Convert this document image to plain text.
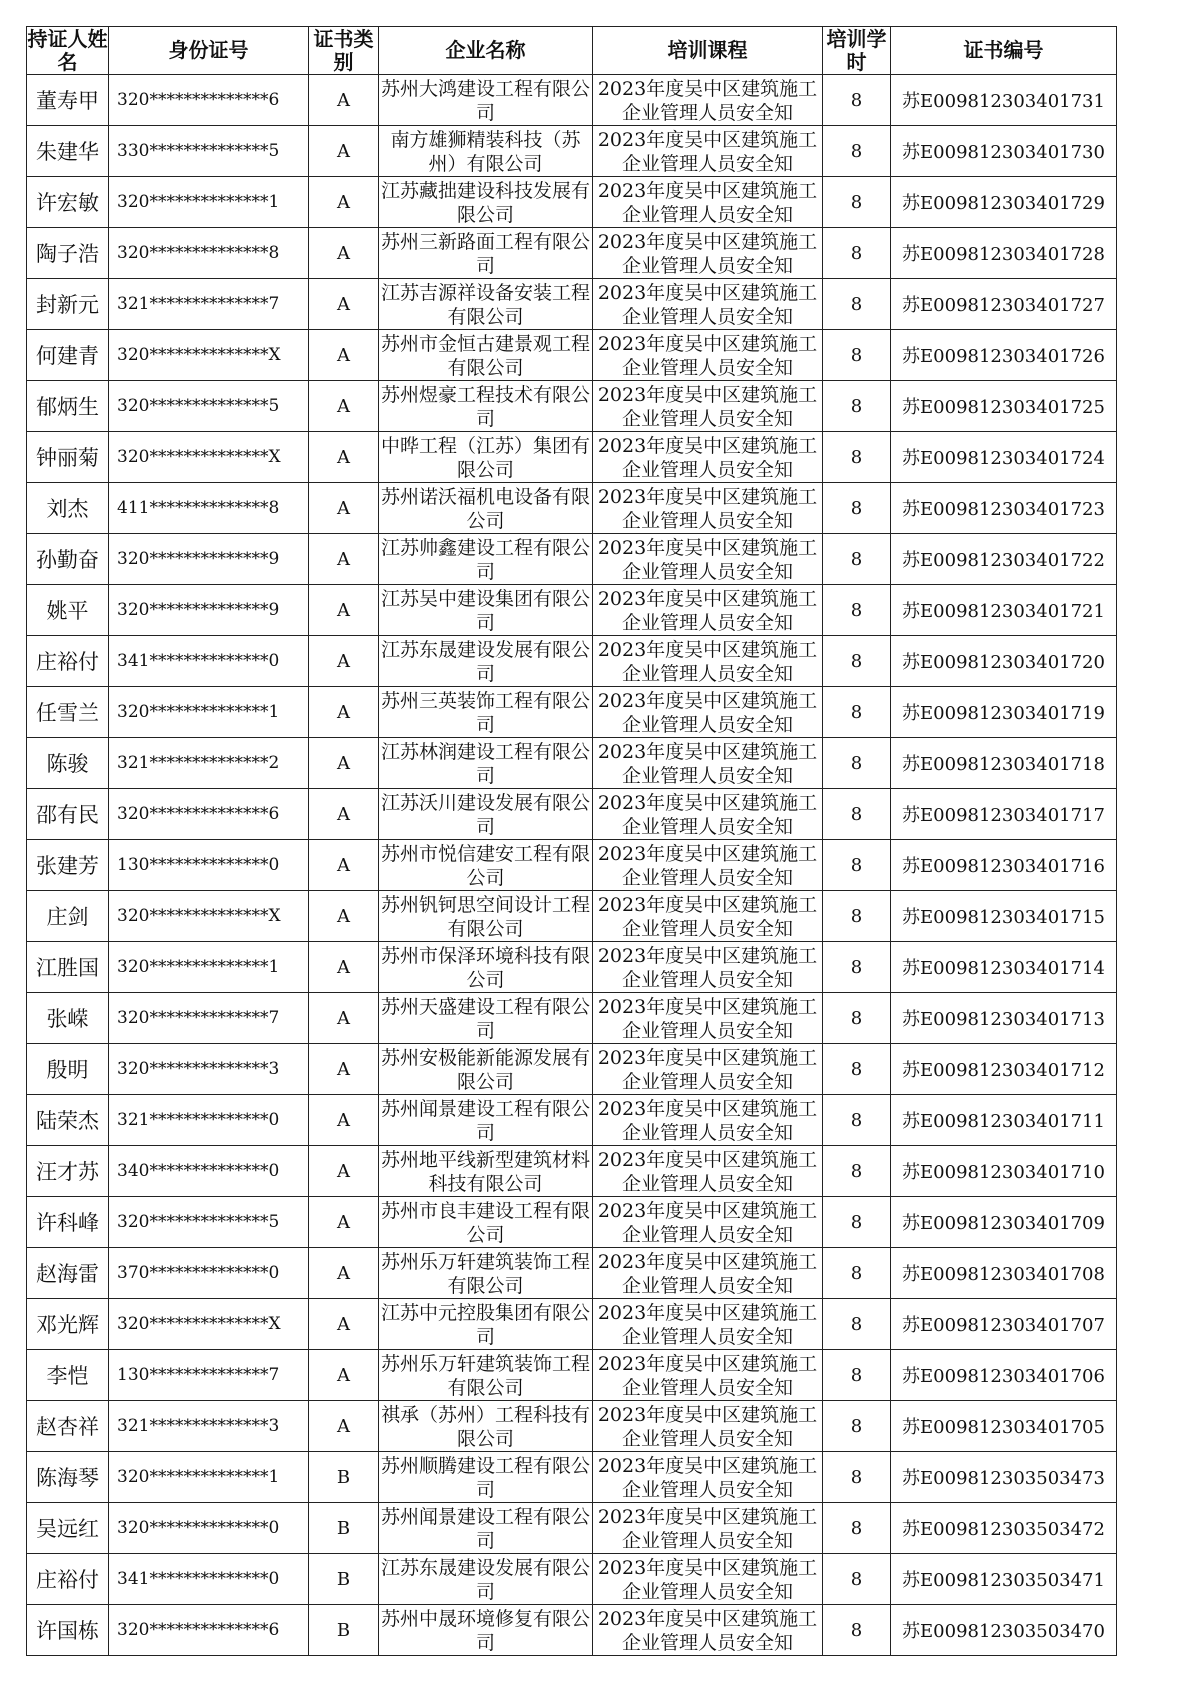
持证人姓名	身份证号	证书类别	企业名称	培训课程	培训学时	证书编号
董寿甲	320**************6	A	苏州大鸿建设工程有限公司	2023年度吴中区建筑施工企业管理人员安全知	8	苏E009812303401731
朱建华	330**************5	A	南方雄狮精装科技（苏州）有限公司	2023年度吴中区建筑施工企业管理人员安全知	8	苏E009812303401730
许宏敏	320**************1	A	江苏藏拙建设科技发展有限公司	2023年度吴中区建筑施工企业管理人员安全知	8	苏E009812303401729
陶子浩	320**************8	A	苏州三新路面工程有限公司	2023年度吴中区建筑施工企业管理人员安全知	8	苏E009812303401728
封新元	321**************7	A	江苏吉源祥设备安装工程有限公司	2023年度吴中区建筑施工企业管理人员安全知	8	苏E009812303401727
何建青	320**************X	A	苏州市金恒古建景观工程有限公司	2023年度吴中区建筑施工企业管理人员安全知	8	苏E009812303401726
郁炳生	320**************5	A	苏州煜豪工程技术有限公司	2023年度吴中区建筑施工企业管理人员安全知	8	苏E009812303401725
钟丽菊	320**************X	A	中晔工程（江苏）集团有限公司	2023年度吴中区建筑施工企业管理人员安全知	8	苏E009812303401724
刘杰	411**************8	A	苏州诺沃福机电设备有限公司	2023年度吴中区建筑施工企业管理人员安全知	8	苏E009812303401723
孙勤奋	320**************9	A	江苏帅鑫建设工程有限公司	2023年度吴中区建筑施工企业管理人员安全知	8	苏E009812303401722
姚平	320**************9	A	江苏吴中建设集团有限公司	2023年度吴中区建筑施工企业管理人员安全知	8	苏E009812303401721
庄裕付	341**************0	A	江苏东晟建设发展有限公司	2023年度吴中区建筑施工企业管理人员安全知	8	苏E009812303401720
任雪兰	320**************1	A	苏州三英装饰工程有限公司	2023年度吴中区建筑施工企业管理人员安全知	8	苏E009812303401719
陈骏	321**************2	A	江苏林润建设工程有限公司	2023年度吴中区建筑施工企业管理人员安全知	8	苏E009812303401718
邵有民	320**************6	A	江苏沃川建设发展有限公司	2023年度吴中区建筑施工企业管理人员安全知	8	苏E009812303401717
张建芳	130**************0	A	苏州市悦信建安工程有限公司	2023年度吴中区建筑施工企业管理人员安全知	8	苏E009812303401716
庄剑	320**************X	A	苏州钒钶思空间设计工程有限公司	2023年度吴中区建筑施工企业管理人员安全知	8	苏E009812303401715
江胜国	320**************1	A	苏州市保泽环境科技有限公司	2023年度吴中区建筑施工企业管理人员安全知	8	苏E009812303401714
张嵘	320**************7	A	苏州天盛建设工程有限公司	2023年度吴中区建筑施工企业管理人员安全知	8	苏E009812303401713
殷明	320**************3	A	苏州安极能新能源发展有限公司	2023年度吴中区建筑施工企业管理人员安全知	8	苏E009812303401712
陆荣杰	321**************0	A	苏州闻景建设工程有限公司	2023年度吴中区建筑施工企业管理人员安全知	8	苏E009812303401711
汪才苏	340**************0	A	苏州地平线新型建筑材料科技有限公司	2023年度吴中区建筑施工企业管理人员安全知	8	苏E009812303401710
许科峰	320**************5	A	苏州市良丰建设工程有限公司	2023年度吴中区建筑施工企业管理人员安全知	8	苏E009812303401709
赵海雷	370**************0	A	苏州乐万轩建筑装饰工程有限公司	2023年度吴中区建筑施工企业管理人员安全知	8	苏E009812303401708
邓光辉	320**************X	A	江苏中元控股集团有限公司	2023年度吴中区建筑施工企业管理人员安全知	8	苏E009812303401707
李恺	130**************7	A	苏州乐万轩建筑装饰工程有限公司	2023年度吴中区建筑施工企业管理人员安全知	8	苏E009812303401706
赵杏祥	321**************3	A	祺承（苏州）工程科技有限公司	2023年度吴中区建筑施工企业管理人员安全知	8	苏E009812303401705
陈海琴	320**************1	B	苏州顺腾建设工程有限公司	2023年度吴中区建筑施工企业管理人员安全知	8	苏E009812303503473
吴远红	320**************0	B	苏州闻景建设工程有限公司	2023年度吴中区建筑施工企业管理人员安全知	8	苏E009812303503472
庄裕付	341**************0	B	江苏东晟建设发展有限公司	2023年度吴中区建筑施工企业管理人员安全知	8	苏E009812303503471
许国栋	320**************6	B	苏州中晟环境修复有限公司	2023年度吴中区建筑施工企业管理人员安全知	8	苏E009812303503470
